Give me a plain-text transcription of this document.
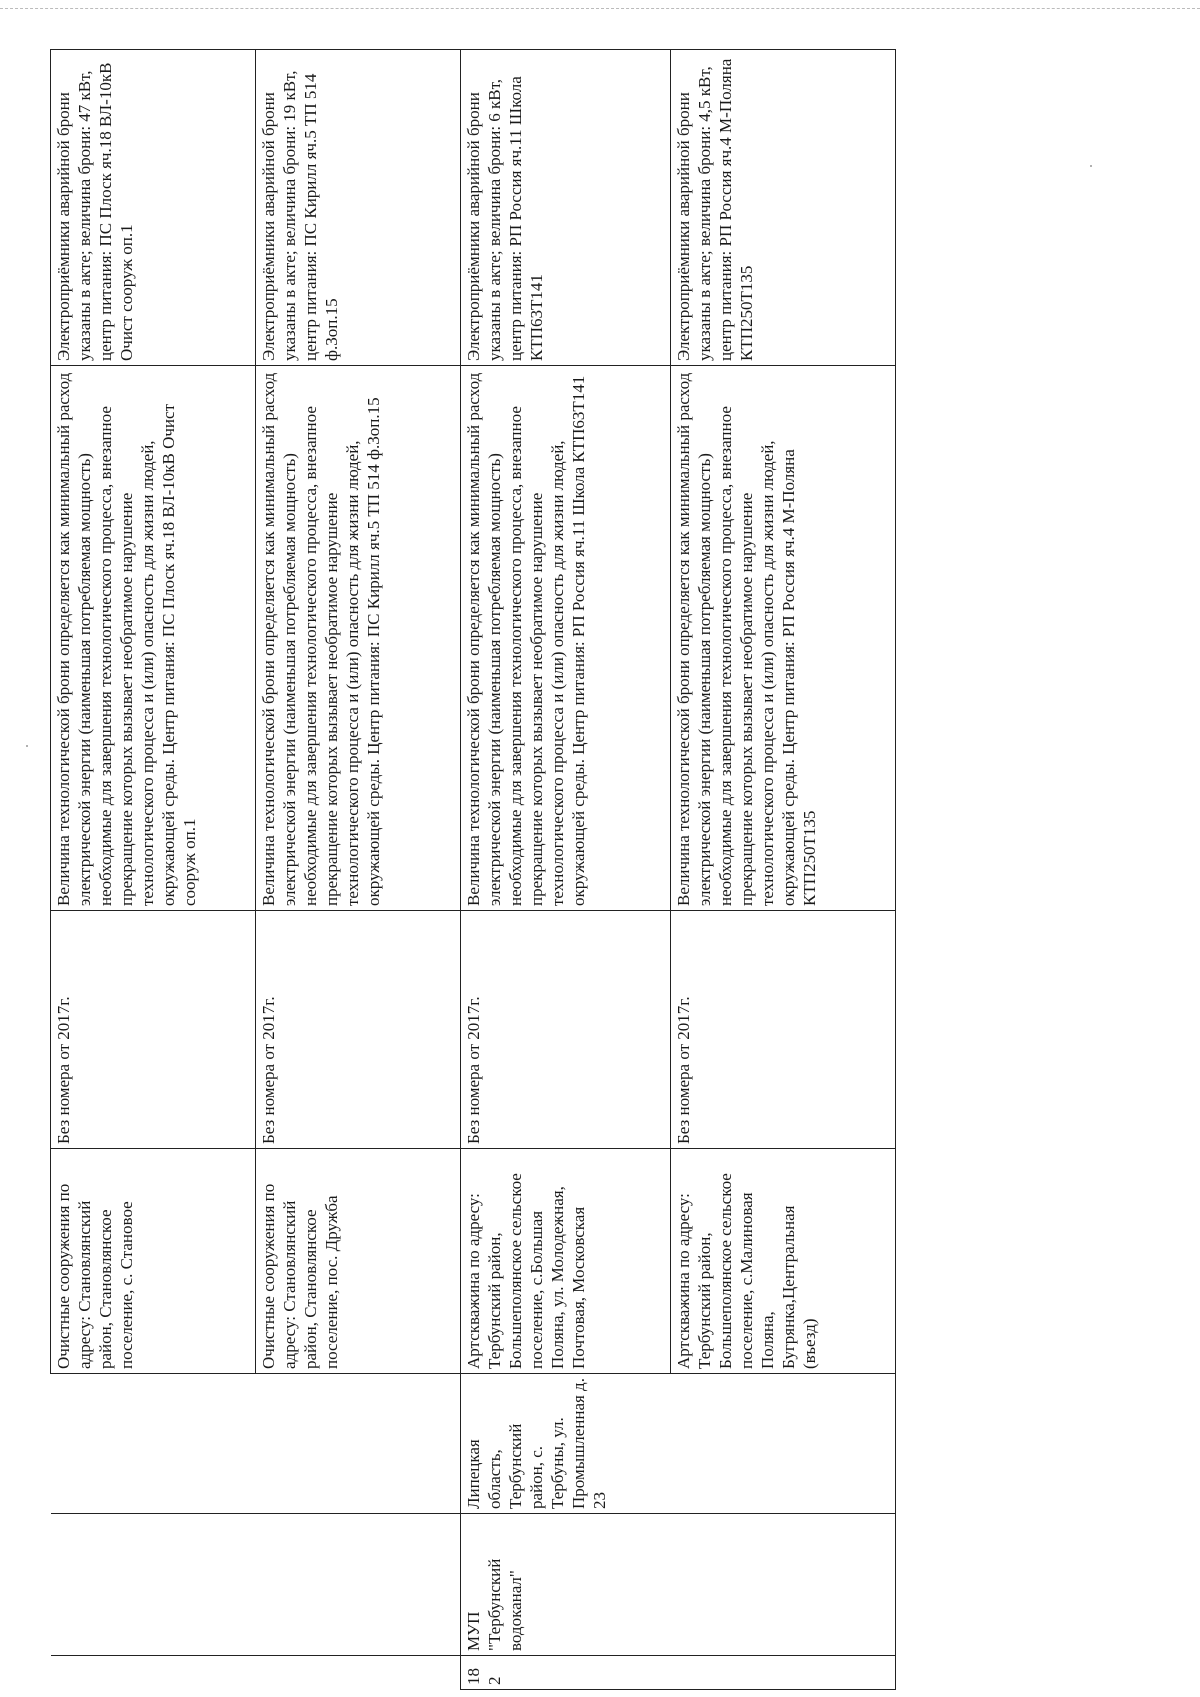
			Очистные сооружения по адресу: Становлянский район, Становлянское поселение, с. Становое	Без номера от 2017г.	Величина технологической брони определяется как минимальный расход электрической энергии (наименьшая потребляемая мощность) необходимые для завершения технологического процесса, внезапное прекращение которых вызывает необратимое нарушение технологического процесса и (или) опасность для жизни людей, окружающей среды. Центр питания: ПС Плоск яч.18 ВЛ-10кВ Очист сооруж оп.1	Электроприёмники аварийной брони указаны в акте; величина брони: 47 кВт, центр питания: ПС Плоск яч.18 ВЛ-10кВ Очист сооруж оп.1
			Очистные сооружения по адресу: Становлянский район, Становлянское поселение, пос. Дружба	Без номера от 2017г.	Величина технологической брони определяется как минимальный расход электрической энергии (наименьшая потребляемая мощность) необходимые для завершения технологического процесса, внезапное прекращение которых вызывает необратимое нарушение технологического процесса и (или) опасность для жизни людей, окружающей среды. Центр питания: ПС Кирилл яч.5 ТП 514 ф.3оп.15	Электроприёмники аварийной брони указаны в акте; величина брони: 19 кВт, центр питания: ПС Кирилл яч.5 ТП 514 ф.3оп.15
182	МУП "Тербунский водоканал"	Липецкая область, Тербунский район, с. Тербуны, ул. Промышленная д. 23	Артскважина по адресу: Тербунский район, Большеполянское сельское поселение, с.Большая Поляна, ул. Молодежная, Почтовая, Московская	Без номера от 2017г.	Величина технологической брони определяется как минимальный расход электрической энергии (наименьшая потребляемая мощность) необходимые для завершения технологического процесса, внезапное прекращение которых вызывает необратимое нарушение технологического процесса и (или) опасность для жизни людей, окружающей среды. Центр питания: РП Россия яч.11 Школа КТП63Т141	Электроприёмники аварийной брони указаны в акте; величина брони: 6 кВт, центр питания: РП Россия яч.11 Школа КТП63Т141
			Артскважина по адресу: Тербунский район, Большеполянское сельское поселение, с.Малиновая Поляна, Бугрянка,Центральная (въезд)	Без номера от 2017г.	Величина технологической брони определяется как минимальный расход электрической энергии (наименьшая потребляемая мощность) необходимые для завершения технологического процесса, внезапное прекращение которых вызывает необратимое нарушение технологического процесса и (или) опасность для жизни людей, окружающей среды. Центр питания: РП Россия яч.4 М-Поляна КТП250Т135	Электроприёмники аварийной брони указаны в акте; величина брони: 4,5 кВт, центр питания: РП Россия яч.4 М-Поляна КТП250Т135
